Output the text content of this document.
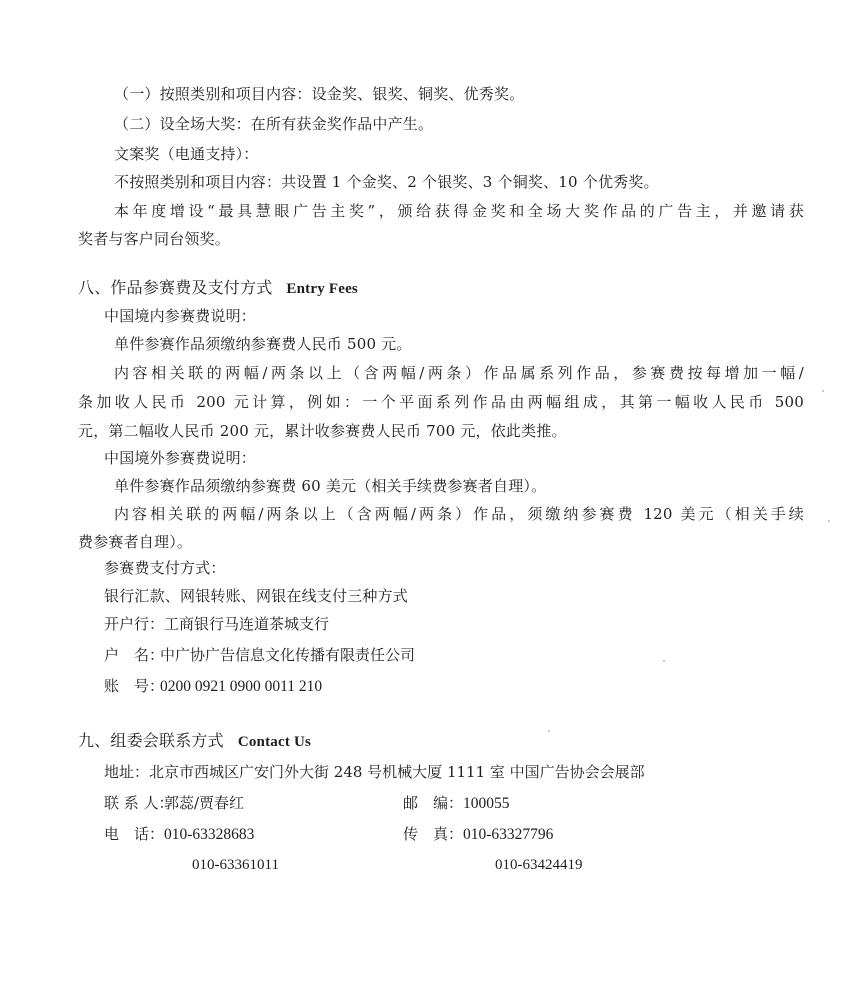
（一）按照类别和项目内容：设金奖、银奖、铜奖、优秀奖。
（二）设全场大奖：在所有获金奖作品中产生。
文案奖（电通支持）：
不按照类别和项目内容：共设置 1 个金奖、2 个银奖、3 个铜奖、10 个优秀奖。
本年度增设“最具慧眼广告主奖”，颁给获得金奖和全场大奖作品的广告主，并邀请获
奖者与客户同台领奖。
八、作品参赛费及支付方式 Entry Fees
中国境内参赛费说明：
单件参赛作品须缴纳参赛费人民币 500 元。
内容相关联的两幅/两条以上（含两幅/两条）作品属系列作品，参赛费按每增加一幅/
条加收人民币 200 元计算，例如：一个平面系列作品由两幅组成，其第一幅收人民币 500
元，第二幅收人民币 200 元，累计收参赛费人民币 700 元，依此类推。
中国境外参赛费说明：
单件参赛作品须缴纳参赛费 60 美元（相关手续费参赛者自理）。
内容相关联的两幅/两条以上（含两幅/两条）作品，须缴纳参赛费 120 美元（相关手续
费参赛者自理）。
参赛费支付方式：
银行汇款、网银转账、网银在线支付三种方式
开户行：工商银行马连道茶城支行
户　名：中广协广告信息文化传播有限责任公司
账　号：0200 0921 0900 0011 210
九、组委会联系方式 Contact Us
地址：北京市西城区广安门外大街 248 号机械大厦 1111 室 中国广告协会会展部
联 系 人：郭蕊/贾春红	邮　编：100055
电　话：010-63328683	传　真：010-63327796
010-63361011	010-63424419
